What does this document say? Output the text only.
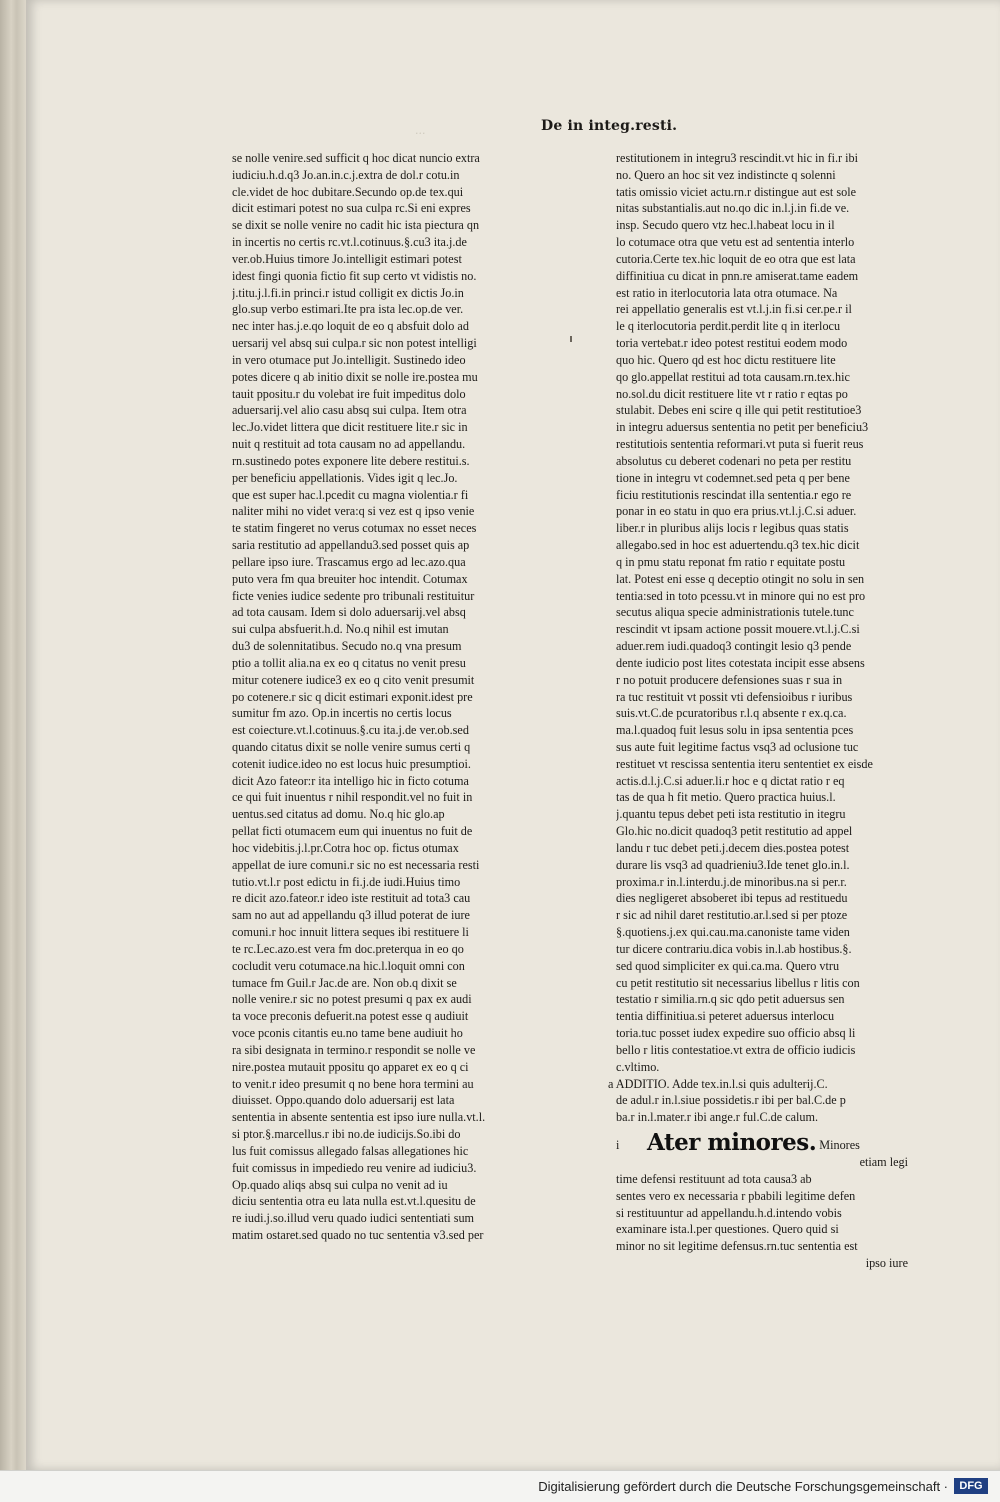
...	De in integ.resti.
se nolle venire.sed sufficit q hoc dicat nuncio extra
iudiciu.h.d.q3 Jo.an.in.c.j.extra de dol.r cotu.in
cle.videt de hoc dubitare.Secundo op.de tex.qui
dicit estimari potest no sua culpa rc.Si eni expres
se dixit se nolle venire no cadit hic ista piectura qn
in incertis no certis rc.vt.l.cotinuus.§.cu3 ita.j.de
ver.ob.Huius timore Jo.intelligit estimari potest
idest fingi quonia fictio fit sup certo vt vidistis no.
j.titu.j.l.fi.in princi.r istud colligit ex dictis Jo.in
glo.sup verbo estimari.Ite pra ista lec.op.de ver.
nec inter has.j.e.qo loquit de eo q absfuit dolo ad
uersarij vel absq sui culpa.r sic non potest intelligi
in vero otumace put Jo.intelligit. Sustinedo ideo
potes dicere q ab initio dixit se nolle ire.postea mu
tauit ppositu.r du volebat ire fuit impeditus dolo
aduersarij.vel alio casu absq sui culpa. Item otra
lec.Jo.videt littera que dicit restituere lite.r sic in
nuit q restituit ad tota causam no ad appellandu.
rn.sustinedo potes exponere lite debere restitui.s.
per beneficiu appellationis. Vides igit q lec.Jo.
que est super hac.l.pcedit cu magna violentia.r fi
naliter mihi no videt vera:q si vez est q ipso venie
te statim fingeret no verus cotumax no esset neces
saria restitutio ad appellandu3.sed posset quis ap
pellare ipso iure. Trascamus ergo ad lec.azo.qua
puto vera fm qua breuiter hoc intendit. Cotumax
ficte venies iudice sedente pro tribunali restituitur
ad tota causam. Idem si dolo aduersarij.vel absq
sui culpa absfuerit.h.d. No.q nihil est imutan
du3 de solennitatibus. Secudo no.q vna presum
ptio a tollit alia.na ex eo q citatus no venit presu
mitur cotenere iudice3 ex eo q cito venit presumit
po cotenere.r sic q dicit estimari exponit.idest pre
sumitur fm azo. Op.in incertis no certis locus
est coiecture.vt.l.cotinuus.§.cu ita.j.de ver.ob.sed
quando citatus dixit se nolle venire sumus certi q
cotenit iudice.ideo no est locus huic presumptioi.
dicit Azo fateor:r ita intelligo hic in ficto cotuma
ce qui fuit inuentus r nihil respondit.vel no fuit in
uentus.sed citatus ad domu. No.q hic glo.ap
pellat ficti otumacem eum qui inuentus no fuit de
hoc videbitis.j.l.pr.Cotra hoc op. fictus otumax
appellat de iure comuni.r sic no est necessaria resti
tutio.vt.l.r post edictu in fi.j.de iudi.Huius timo
re dicit azo.fateor.r ideo iste restituit ad tota3 cau
sam no aut ad appellandu q3 illud poterat de iure
comuni.r hoc innuit littera seques ibi restituere li
te rc.Lec.azo.est vera fm doc.preterqua in eo qo
cocludit veru cotumace.na hic.l.loquit omni con
tumace fm Guil.r Jac.de are. Non ob.q dixit se
nolle venire.r sic no potest presumi q pax ex audi
ta voce preconis defuerit.na potest esse q audiuit
voce pconis citantis eu.no tame bene audiuit ho
ra sibi designata in termino.r respondit se nolle ve
nire.postea mutauit ppositu qo apparet ex eo q ci
to venit.r ideo presumit q no bene hora termini au
diuisset. Oppo.quando dolo aduersarij est lata
sententia in absente sententia est ipso iure nulla.vt.l.
si ptor.§.marcellus.r ibi no.de iudicijs.So.ibi do
lus fuit comissus allegado falsas allegationes hic
fuit comissus in impediedo reu venire ad iudiciu3.
Op.quado aliqs absq sui culpa no venit ad iu
diciu sententia otra eu lata nulla est.vt.l.quesitu de
re iudi.j.so.illud veru quado iudici sententiati sum
matim ostaret.sed quado no tuc sententia v3.sed per
restitutionem in integru3 rescindit.vt hic in fi.r ibi
no. Quero an hoc sit vez indistincte q solenni
tatis omissio viciet actu.rn.r distingue aut est sole
nitas substantialis.aut no.qo dic in.l.j.in fi.de ve.
insp. Secudo quero vtz hec.l.habeat locu in il
lo cotumace otra que vetu est ad sententia interlo
cutoria.Certe tex.hic loquit de eo otra que est lata
diffinitiua cu dicat in pnn.re amiserat.tame eadem
est ratio in iterlocutoria lata otra otumace. Na
rei appellatio generalis est vt.l.j.in fi.si cer.pe.r il
le q iterlocutoria perdit.perdit lite q in iterlocu
toria vertebat.r ideo potest restitui eodem modo
quo hic. Quero qd est hoc dictu restituere lite
qo glo.appellat restitui ad tota causam.rn.tex.hic
no.sol.du dicit restituere lite vt r ratio r eqtas po
stulabit. Debes eni scire q ille qui petit restitutioe3
in integru aduersus sententia no petit per beneficiu3
restitutiois sententia reformari.vt puta si fuerit reus
absolutus cu deberet codenari no peta per restitu
tione in integru vt codemnet.sed peta q per bene
ficiu restitutionis rescindat illa sententia.r ego re
ponar in eo statu in quo era prius.vt.l.j.C.si aduer.
liber.r in pluribus alijs locis r legibus quas statis
allegabo.sed in hoc est aduertendu.q3 tex.hic dicit
q in pmu statu reponat fm ratio r equitate postu
lat. Potest eni esse q deceptio otingit no solu in sen
tentia:sed in toto pcessu.vt in minore qui no est pro
secutus aliqua specie administrationis tutele.tunc
rescindit vt ipsam actione possit mouere.vt.l.j.C.si
aduer.rem iudi.quadoq3 contingit lesio q3 pende
dente iudicio post lites cotestata incipit esse absens
r no potuit producere defensiones suas r sua in
ra tuc restituit vt possit vti defensioibus r iuribus
suis.vt.C.de pcuratoribus r.l.q absente r ex.q.ca.
ma.l.quadoq fuit lesus solu in ipsa sententia pces
sus aute fuit legitime factus vsq3 ad oclusione tuc
restituet vt rescissa sententia iteru sententiet ex eisde
actis.d.l.j.C.si aduer.li.r hoc e q dictat ratio r eq
tas de qua h fit metio. Quero practica huius.l.
j.quantu tepus debet peti ista restitutio in itegru
Glo.hic no.dicit quadoq3 petit restitutio ad appel
landu r tuc debet peti.j.decem dies.postea potest
durare lis vsq3 ad quadrieniu3.Ide tenet glo.in.l.
proxima.r in.l.interdu.j.de minoribus.na si per.r.
dies negligeret absoberet ibi tepus ad restituedu
r sic ad nihil daret restitutio.ar.l.sed si per ptoze
§.quotiens.j.ex qui.cau.ma.canoniste tame viden
tur dicere contrariu.dica vobis in.l.ab hostibus.§.
sed quod simpliciter ex qui.ca.ma. Quero vtru
cu petit restitutio sit necessarius libellus r litis con
testatio r similia.rn.q sic qdo petit aduersus sen
tentia diffinitiua.si peteret aduersus interlocu
toria.tuc posset iudex expedire suo officio absq li
bello r litis contestatioe.vt extra de officio iudicis
c.vltimo.
a ADDITIO. Adde tex.in.l.si quis adulterij.C.
de adul.r in.l.siue possidetis.r ibi per bal.C.de p
ba.r in.l.mater.r ibi ange.r ful.C.de calum.
i Ater minores. Minores
etiam legi
time defensi restituunt ad tota causa3 ab
sentes vero ex necessaria r pbabili legitime defen
si restituuntur ad appellandu.h.d.intendo vobis
examinare ista.l.per questiones. Quero quid si
minor no sit legitime defensus.rn.tuc sententia est
ipso iure
Digitalisierung gefördert durch die Deutsche Forschungsgemeinschaft ·	DFG
